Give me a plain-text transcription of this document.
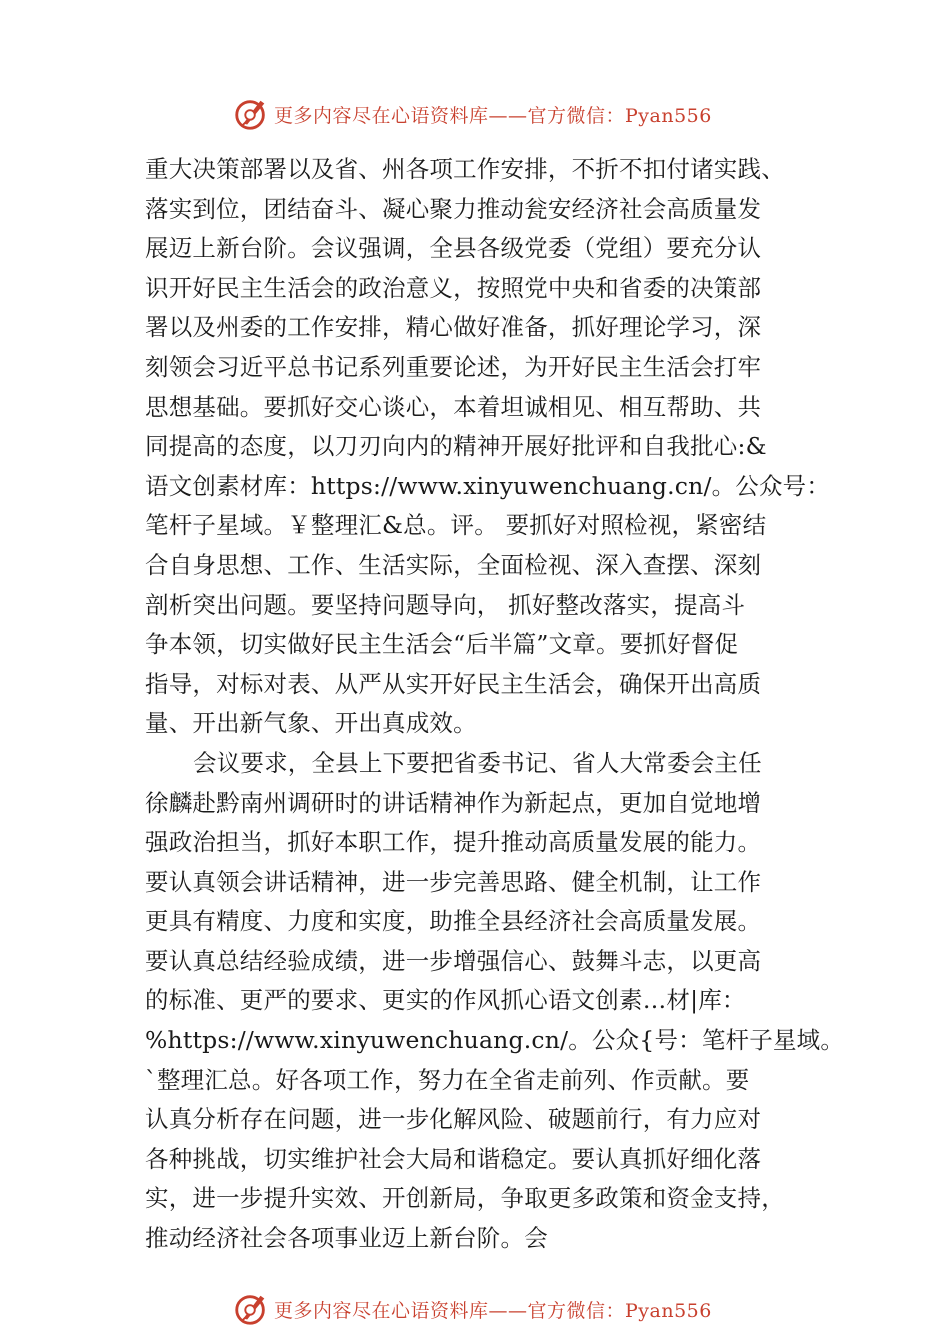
更多内容尽在心语资料库——官方微信：Pyan556
重大决策部署以及省、州各项工作安排，不折不扣付诸实践、
落实到位，团结奋斗、凝心聚力推动瓮安经济社会高质量发
展迈上新台阶。会议强调，全县各级党委（党组）要充分认
识开好民主生活会的政治意义，按照党中央和省委的决策部
署以及州委的工作安排，精心做好准备，抓好理论学习，深
刻领会习近平总书记系列重要论述，为开好民主生活会打牢
思想基础。要抓好交心谈心，本着坦诚相见、相互帮助、共
同提高的态度，以刀刃向内的精神开展好批评和自我批心:&
语文创素材库：https://www.xinyuwenchuang.cn/。公众号：
笔杆子星域。￥整理汇&总。评。 要抓好对照检视，紧密结
合自身思想、工作、生活实际，全面检视、深入查摆、深刻
剖析突出问题。要坚持问题导向， 抓好整改落实，提高斗
争本领，切实做好民主生活会“后半篇”文章。要抓好督促
指导，对标对表、从严从实开好民主生活会，确保开出高质
量、开出新气象、开出真成效。
会议要求，全县上下要把省委书记、省人大常委会主任
徐麟赴黔南州调研时的讲话精神作为新起点，更加自觉地增
强政治担当，抓好本职工作，提升推动高质量发展的能力。
要认真领会讲话精神，进一步完善思路、健全机制，让工作
更具有精度、力度和实度，助推全县经济社会高质量发展。
要认真总结经验成绩，进一步增强信心、鼓舞斗志，以更高
的标准、更严的要求、更实的作风抓心语文创素…材|库：
%https://www.xinyuwenchuang.cn/。公众{号：笔杆子星域。
`整理汇总。好各项工作，努力在全省走前列、作贡献。要
认真分析存在问题，进一步化解风险、破题前行，有力应对
各种挑战，切实维护社会大局和谐稳定。要认真抓好细化落
实，进一步提升实效、开创新局，争取更多政策和资金支持，
推动经济社会各项事业迈上新台阶。会
更多内容尽在心语资料库——官方微信：Pyan556
